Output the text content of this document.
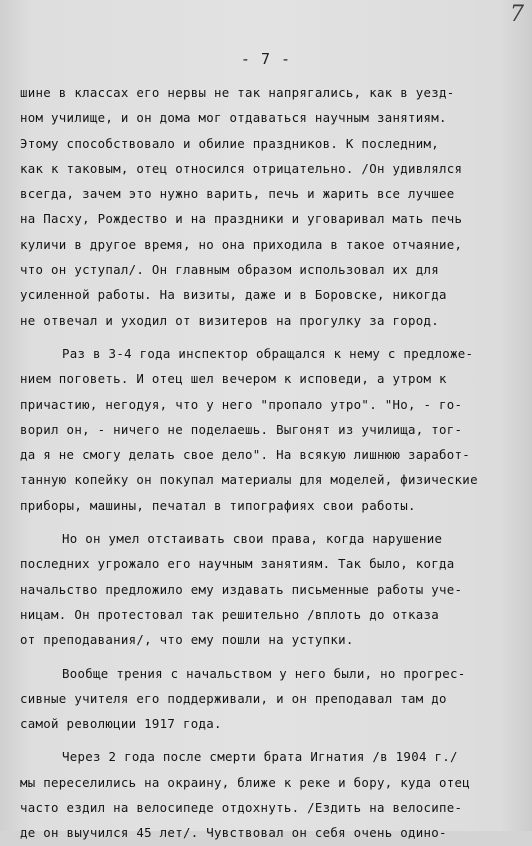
7
- 7 -
шине в классах его нервы не так напрягались, как в уезд-
ном училище, и он дома мог отдаваться научным занятиям.
Этому способствовало и обилие праздников. К последним,
как к таковым, отец относился отрицательно. /Он удивлялся
всегда, зачем это нужно варить, печь и жарить все лучшее
на Пасху, Рождество и на праздники и уговаривал мать печь
куличи в другое время, но она приходила в такое отчаяние,
что он уступал/. Он главным образом использовал их для
усиленной работы. На визиты, даже и в Боровске, никогда
не отвечал и уходил от визитеров на прогулку за город.
Раз в 3-4 года инспектор обращался к нему с предложе-
нием поговеть. И отец шел вечером к исповеди, а утром к
причастию, негодуя, что у него "пропало утро". "Но, - го-
ворил он, - ничего не поделаешь. Выгонят из училища, тог-
да я не смогу делать свое дело". На всякую лишнюю заработ-
танную копейку он покупал материалы для моделей, физические
приборы, машины, печатал в типографиях свои работы.
Но он умел отстаивать свои права, когда нарушение
последних угрожало его научным занятиям. Так было, когда
начальство предложило ему издавать письменные работы уче-
ницам. Он протестовал так решительно /вплоть до отказа
от преподавания/, что ему пошли на уступки.
Вообще трения с начальством у него были, но прогрес-
сивные учителя его поддерживали, и он преподавал там до
самой революции 1917 года.
Через 2 года после смерти брата Игнатия /в 1904 г./
мы переселились на окраину, ближе к реке и бору, куда отец
часто ездил на велосипеде отдохнуть. /Ездить на велосипе-
де он выучился 45 лет/. Чувствовал он себя очень одино-
